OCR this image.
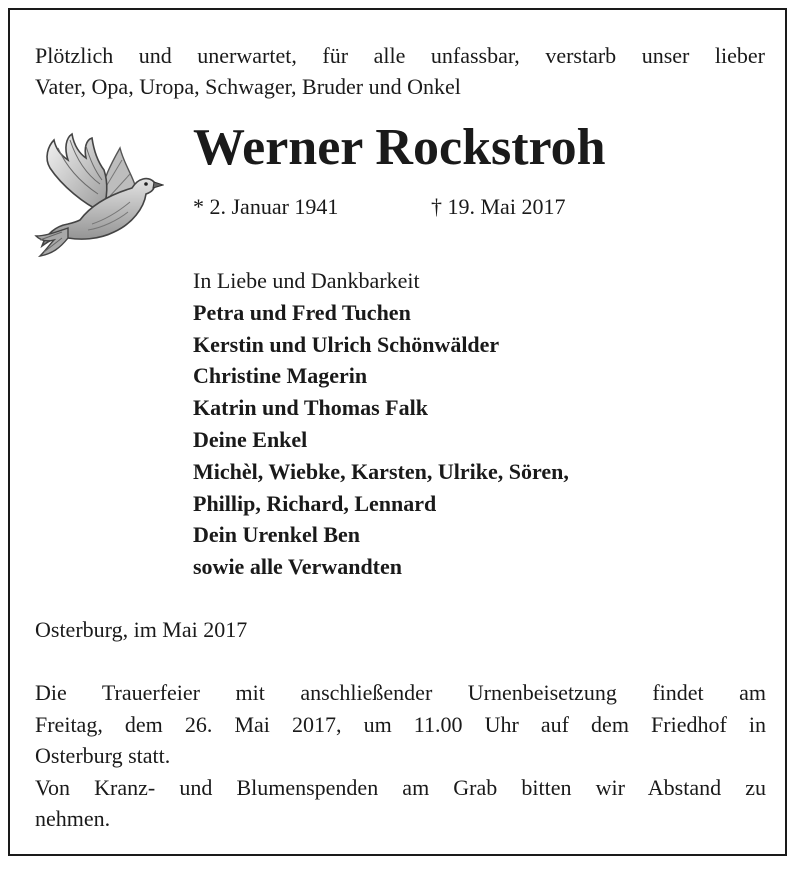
Plötzlich und unerwartet, für alle unfassbar, verstarb unser lieber
Vater, Opa, Uropa, Schwager, Bruder und Onkel
Werner Rockstroh
* 2. Januar 1941	† 19. Mai 2017
In Liebe und Dankbarkeit
Petra und Fred Tuchen
Kerstin und Ulrich Schönwälder
Christine Magerin
Katrin und Thomas Falk
Deine Enkel
Michèl, Wiebke, Karsten, Ulrike, Sören,
Phillip, Richard, Lennard
Dein Urenkel Ben
sowie alle Verwandten
Osterburg, im Mai 2017
Die Trauerfeier mit anschließender Urnenbeisetzung findet am
Freitag, dem 26. Mai 2017, um 11.00 Uhr auf dem Friedhof in
Osterburg statt.
Von Kranz- und Blumenspenden am Grab bitten wir Abstand zu
nehmen.
